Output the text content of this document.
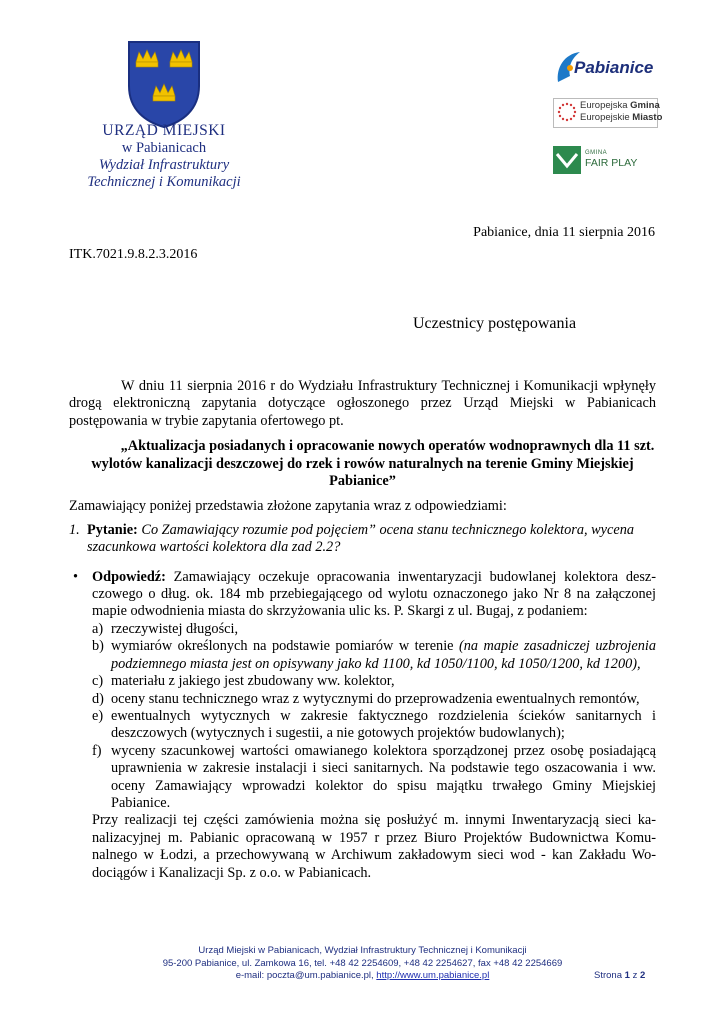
URZĄD MIEJSKI
w Pabianicach
Wydział Infrastruktury
Technicznej i Komunikacji
Pabianice
Europejska Gmina
Europejskie Miasto
GMINA
FAIR PLAY
Pabianice, dnia 11 sierpnia 2016
ITK.7021.9.8.2.3.2016
Uczestnicy postępowania

W dniu 11 sierpnia 2016 r do Wydziału Infrastruktury Technicznej i Komunikacji wpłynęły drogą elektroniczną zapytania dotyczące ogłoszonego przez Urząd Miejski w Pabianicach postępowania w trybie zapytania ofertowego pt.

„Aktualizacja posiadanych i opracowanie nowych operatów wodnoprawnych dla 11 szt. wylotów kanalizacji deszczowej do rzek i rowów naturalnych na terenie Gminy Miejskiej Pabianice”

Zamawiający poniżej przedstawia złożone zapytania wraz z odpowiedziami:

1. Pytanie: Co Zamawiający rozumie pod pojęciem” ocena stanu technicznego kolektora, wycena szacunkowa wartości kolektora dla zad 2.2?
• Odpowiedź: Zamawiający oczekuje opracowania inwentaryzacji budowlanej kolektora deszczowego o dług. ok. 184 mb przebiegającego od wylotu oznaczonego jako Nr 8 na załączonej mapie odwodnienia miasta do skrzyżowania ulic ks. P. Skargi z ul. Bugaj, z podaniem:
a) rzeczywistej długości,
b) wymiarów określonych na podstawie pomiarów w terenie (na mapie zasadniczej uzbrojenia podziemnego miasta jest on opisywany jako kd 1100, kd 1050/1100, kd 1050/1200, kd 1200),
c) materiału z jakiego jest zbudowany ww. kolektor,
d) oceny stanu technicznego wraz z wytycznymi do przeprowadzenia ewentualnych remontów,
e) ewentualnych wytycznych w zakresie faktycznego rozdzielenia ścieków sanitarnych i deszczowych (wytycznych i sugestii, a nie gotowych projektów budowlanych);
f) wyceny szacunkowej wartości omawianego kolektora sporządzonej przez osobę posiadającą uprawnienia w zakresie instalacji i sieci sanitarnych. Na podstawie tego oszacowania i ww. oceny Zamawiający wprowadzi kolektor do spisu majątku trwałego Gminy Miejskiej Pabianice.

Przy realizacji tej części zamówienia można się posłużyć m. innymi Inwentaryzacją sieci kanalizacyjnej m. Pabianic opracowaną w 1957 r przez Biuro Projektów Budownictwa Komunalnego w Łodzi, a przechowywaną w Archiwum zakładowym sieci wod - kan Zakładu Wodociągów i Kanalizacji Sp. z o.o. w Pabianicach.

Urząd Miejski w Pabianicach, Wydział Infrastruktury Technicznej i Komunikacji
95-200 Pabianice, ul. Zamkowa 16, tel. +48 42 2254609, +48 42 2254627, fax +48 42 2254669
e-mail: poczta@um.pabianice.pl, http://www.um.pabianice.pl	Strona 1 z 2
